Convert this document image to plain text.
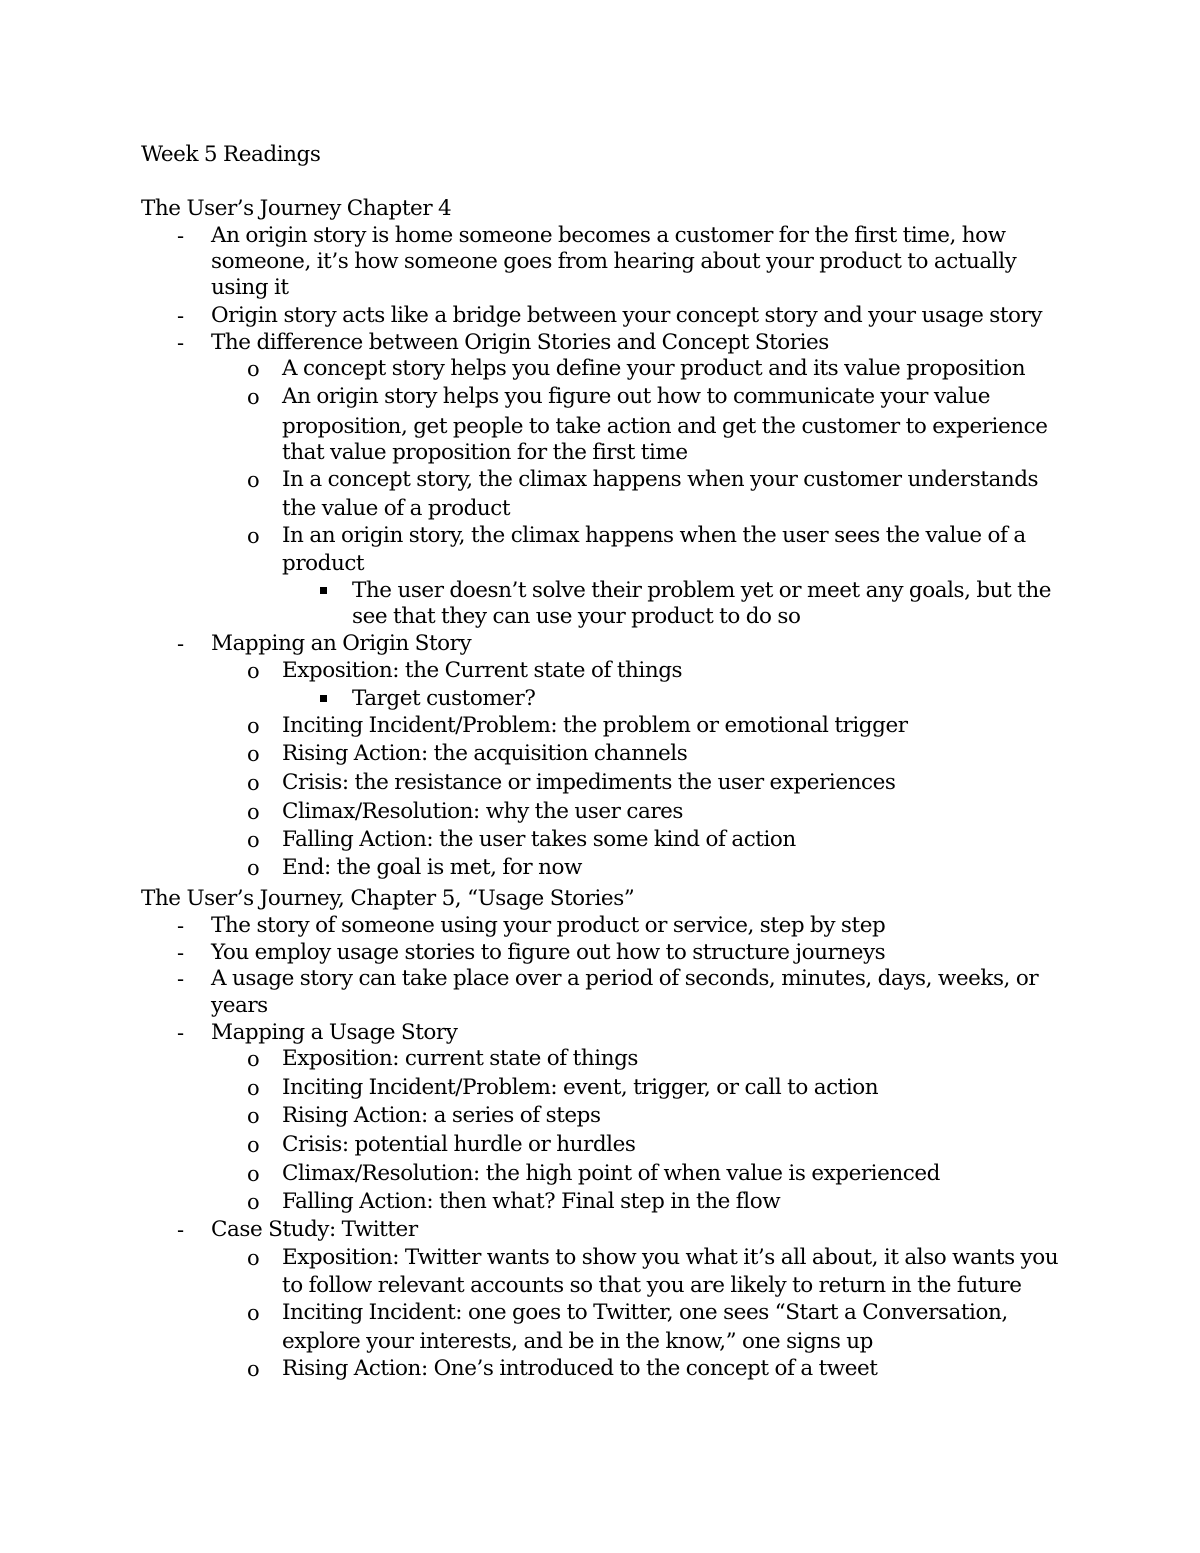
Week 5 Readings
The User’s Journey Chapter 4
- An origin story is home someone becomes a customer for the first time, how
someone, it’s how someone goes from hearing about your product to actually
using it
- Origin story acts like a bridge between your concept story and your usage story
- The difference between Origin Stories and Concept Stories
o A concept story helps you define your product and its value proposition
o An origin story helps you figure out how to communicate your value
proposition, get people to take action and get the customer to experience
that value proposition for the first time
o In a concept story, the climax happens when your customer understands
the value of a product
o In an origin story, the climax happens when the user sees the value of a
product
The user doesn’t solve their problem yet or meet any goals, but the
see that they can use your product to do so
- Mapping an Origin Story
o Exposition: the Current state of things
Target customer?
o Inciting Incident/Problem: the problem or emotional trigger
o Rising Action: the acquisition channels
o Crisis: the resistance or impediments the user experiences
o Climax/Resolution: why the user cares
o Falling Action: the user takes some kind of action
o End: the goal is met, for now
The User’s Journey, Chapter 5, “Usage Stories”
- The story of someone using your product or service, step by step
- You employ usage stories to figure out how to structure journeys
- A usage story can take place over a period of seconds, minutes, days, weeks, or
years
- Mapping a Usage Story
o Exposition: current state of things
o Inciting Incident/Problem: event, trigger, or call to action
o Rising Action: a series of steps
o Crisis: potential hurdle or hurdles
o Climax/Resolution: the high point of when value is experienced
o Falling Action: then what? Final step in the flow
- Case Study: Twitter
o Exposition: Twitter wants to show you what it’s all about, it also wants you
to follow relevant accounts so that you are likely to return in the future
o Inciting Incident: one goes to Twitter, one sees “Start a Conversation,
explore your interests, and be in the know,” one signs up
o Rising Action: One’s introduced to the concept of a tweet
